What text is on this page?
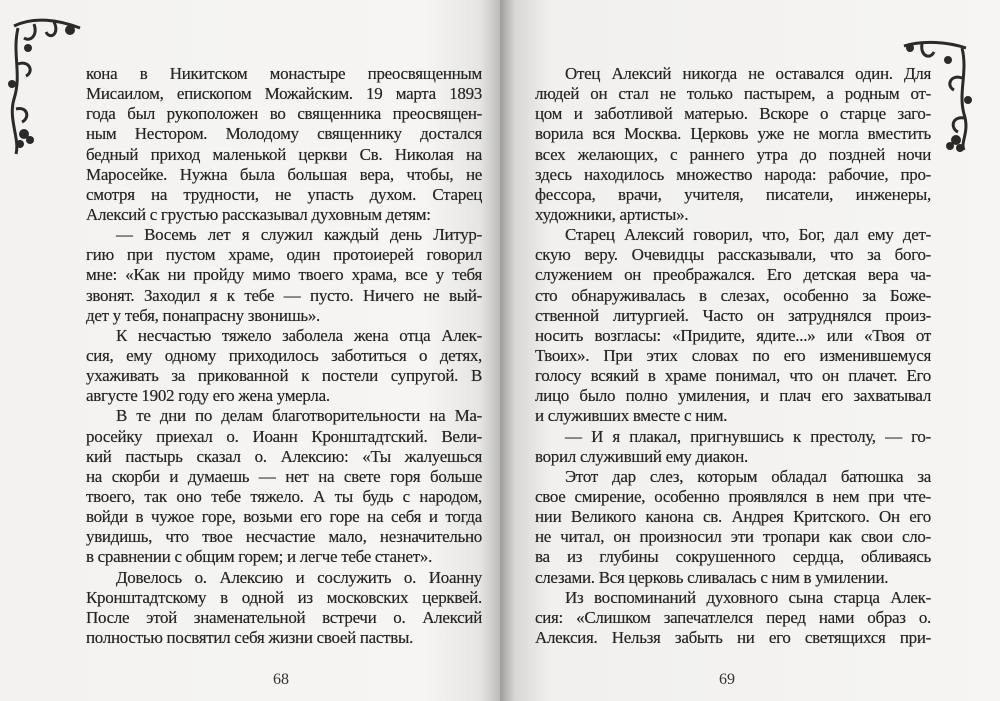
кона в Никитском монастыре преосвященным
Мисаилом, епископом Можайским. 19 марта 1893
года был рукоположен во священника преосвящен-
ным Нестором. Молодому священнику достался
бедный приход маленькой церкви Св. Николая на
Маросейке. Нужна была большая вера, чтобы, не
смотря на трудности, не упасть духом. Старец
Алексий с грустью рассказывал духовным детям:
— Восемь лет я служил каждый день Литур-
гию при пустом храме, один протоиерей говорил
мне: «Как ни пройду мимо твоего храма, все у тебя
звонят. Заходил я к тебе — пусто. Ничего не вый-
дет у тебя, понапрасну звонишь».
К несчастью тяжело заболела жена отца Алек-
сия, ему одному приходилось заботиться о детях,
ухаживать за прикованной к постели супругой. В
августе 1902 году его жена умерла.
В те дни по делам благотворительности на Ма-
росейку приехал о. Иоанн Кронштадтский. Вели-
кий пастырь сказал о. Алексию: «Ты жалуешься
на скорби и думаешь — нет на свете горя больше
твоего, так оно тебе тяжело. А ты будь с народом,
войди в чужое горе, возьми его горе на себя и тогда
увидишь, что твое несчастие мало, незначительно
в сравнении с общим горем; и легче тебе станет».
Довелось о. Алексию и сослужить о. Иоанну
Кронштадтскому в одной из московских церквей.
После этой знаменательной встречи о. Алексий
полностью посвятил себя жизни своей паствы.
68
Отец Алексий никогда не оставался один. Для
людей он стал не только пастырем, а родным от-
цом и заботливой матерью. Вскоре о старце заго-
ворила вся Москва. Церковь уже не могла вместить
всех желающих, с раннего утра до поздней ночи
здесь находилось множество народа: рабочие, про-
фессора, врачи, учителя, писатели, инженеры,
художники, артисты».
Старец Алексий говорил, что, Бог, дал ему дет-
скую веру. Очевидцы рассказывали, что за бого-
служением он преображался. Его детская вера ча-
сто обнаруживалась в слезах, особенно за Боже-
ственной литургией. Часто он затруднялся произ-
носить возгласы: «Придите, ядите...» или «Твоя от
Твоих». При этих словах по его изменившемуся
голосу всякий в храме понимал, что он плачет. Его
лицо было полно умиления, и плач его захватывал
и служивших вместе с ним.
— И я плакал, пригнувшись к престолу, — го-
ворил служивший ему диакон.
Этот дар слез, которым обладал батюшка за
свое смирение, особенно проявлялся в нем при чте-
нии Великого канона св. Андрея Критского. Он его
не читал, он произносил эти тропари как свои сло-
ва из глубины сокрушенного сердца, обливаясь
слезами. Вся церковь сливалась с ним в умилении.
Из воспоминаний духовного сына старца Алек-
сия: «Слишком запечатлелся перед нами образ о.
Алексия. Нельзя забыть ни его светящихся при-
69
